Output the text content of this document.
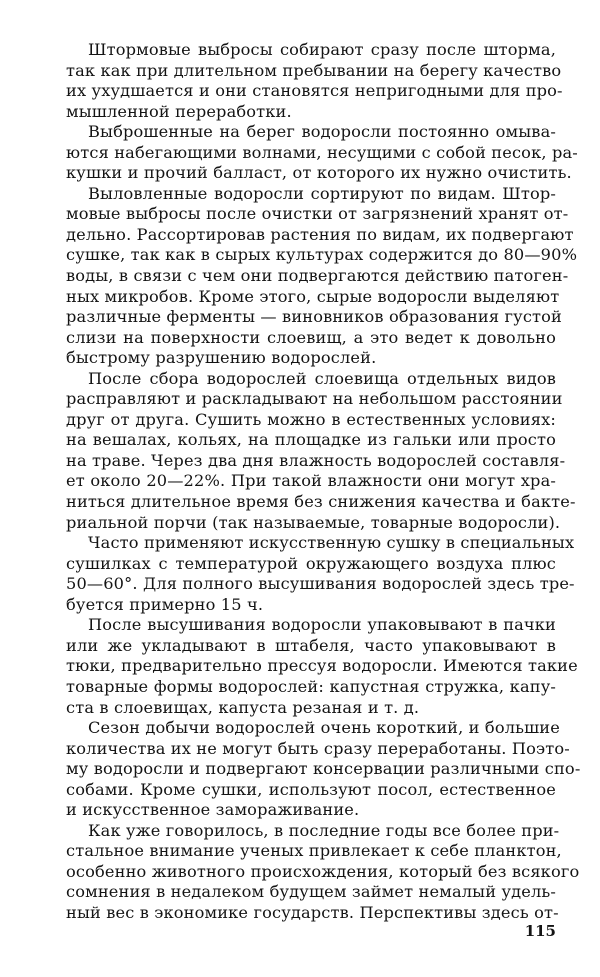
Штормовые выбросы собирают сразу после шторма,
так как при длительном пребывании на берегу качество
их ухудшается и они становятся непригодными для про-
мышленной переработки.
Выброшенные на берег водоросли постоянно омыва-
ются набегающими волнами, несущими с собой песок, ра-
кушки и прочий балласт, от которого их нужно очистить.
Выловленные водоросли сортируют по видам. Штор-
мовые выбросы после очистки от загрязнений хранят от-
дельно. Рассортировав растения по видам, их подвергают
сушке, так как в сырых культурах содержится до 80—90%
воды, в связи с чем они подвергаются действию патоген-
ных микробов. Кроме этого, сырые водоросли выделяют
различные ферменты — виновников образования густой
слизи на поверхности слоевищ, а это ведет к довольно
быстрому разрушению водорослей.
После сбора водорослей слоевища отдельных видов
расправляют и раскладывают на небольшом расстоянии
друг от друга. Сушить можно в естественных условиях:
на вешалах, кольях, на площадке из гальки или просто
на траве. Через два дня влажность водорослей составля-
ет около 20—22%. При такой влажности они могут хра-
ниться длительное время без снижения качества и бакте-
риальной порчи (так называемые, товарные водоросли).
Часто применяют искусственную сушку в специальных
сушилках с температурой окружающего воздуха плюс
50—60°. Для полного высушивания водорослей здесь тре-
буется примерно 15 ч.
После высушивания водоросли упаковывают в пачки
или же укладывают в штабеля, часто упаковывают в
тюки, предварительно прессуя водоросли. Имеются такие
товарные формы водорослей: капустная стружка, капу-
ста в слоевищах, капуста резаная и т. д.
Сезон добычи водорослей очень короткий, и большие
количества их не могут быть сразу переработаны. Поэто-
му водоросли и подвергают консервации различными спо-
собами. Кроме сушки, используют посол, естественное
и искусственное замораживание.
Как уже говорилось, в последние годы все более при-
стальное внимание ученых привлекает к себе планктон,
особенно животного происхождения, который без всякого
сомнения в недалеком будущем займет немалый удель-
ный вес в экономике государств. Перспективы здесь от-
115
